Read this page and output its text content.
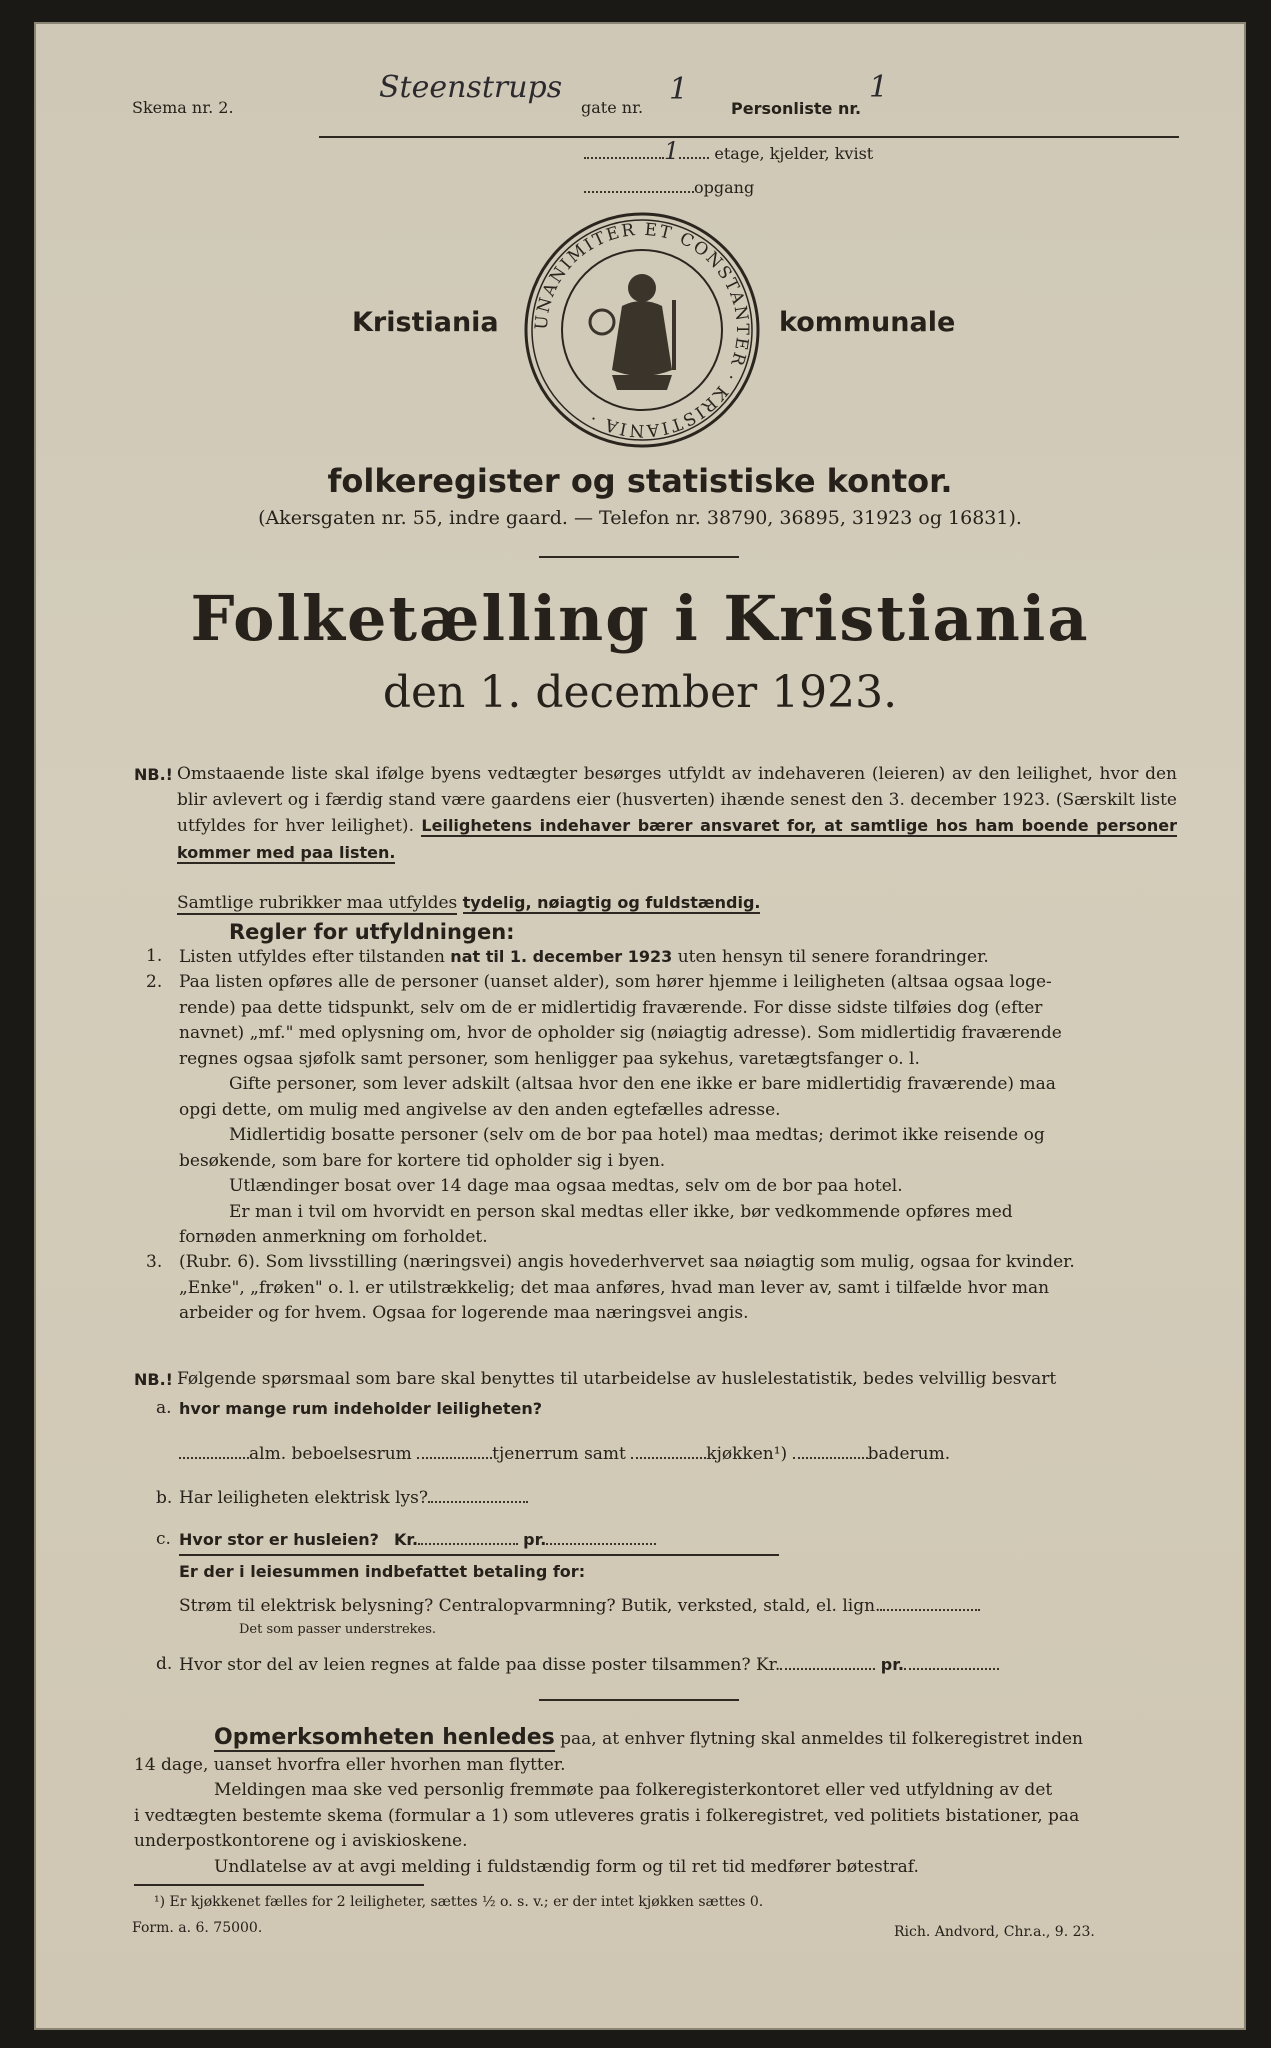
Skema nr. 2.
Steenstrups
gate nr.
1
Personliste nr.
1
1 etage, kjelder, kvist
opgang
Kristiania	kommunale
UNANIMITER ET CONSTANTER · KRISTIANIA ·
folkeregister og statistiske kontor.
(Akersgaten nr. 55, indre gaard. — Telefon nr. 38790, 36895, 31923 og 16831).
Folketælling i Kristiania
den 1. december 1923.
NB.! Omstaaende liste skal ifølge byens vedtægter besørges utfyldt av indehaveren (leieren) av den leilighet, hvor den blir avlevert og i færdig stand være gaardens eier (husverten) ihænde senest den 3. december 1923. (Særskilt liste utfyldes for hver leilighet). Leilighetens indehaver bærer ansvaret for, at samtlige hos ham boende personer kommer med paa listen.
Samtlige rubrikker maa utfyldes tydelig, nøiagtig og fuldstændig.
Regler for utfyldningen:
1. Listen utfyldes efter tilstanden nat til 1. december 1923 uten hensyn til senere forandringer.
2. Paa listen opføres alle de personer (uanset alder), som hører hjemme i leiligheten (altsaa ogsaa loge-
rende) paa dette tidspunkt, selv om de er midlertidig fraværende. For disse sidste tilføies dog (efter
navnet) „mf." med oplysning om, hvor de opholder sig (nøiagtig adresse). Som midlertidig fraværende
regnes ogsaa sjøfolk samt personer, som henligger paa sykehus, varetægtsfanger o. l.
Gifte personer, som lever adskilt (altsaa hvor den ene ikke er bare midlertidig fraværende) maa
opgi dette, om mulig med angivelse av den anden egtefælles adresse.
Midlertidig bosatte personer (selv om de bor paa hotel) maa medtas; derimot ikke reisende og
besøkende, som bare for kortere tid opholder sig i byen.
Utlændinger bosat over 14 dage maa ogsaa medtas, selv om de bor paa hotel.
Er man i tvil om hvorvidt en person skal medtas eller ikke, bør vedkommende opføres med
fornøden anmerkning om forholdet.
3. (Rubr. 6). Som livsstilling (næringsvei) angis hovederhvervet saa nøiagtig som mulig, ogsaa for kvinder.
„Enke", „frøken" o. l. er utilstrækkelig; det maa anføres, hvad man lever av, samt i tilfælde hvor man
arbeider og for hvem. Ogsaa for logerende maa næringsvei angis.
NB.! Følgende spørsmaal som bare skal benyttes til utarbeidelse av huslelestatistik, bedes velvillig besvart
a. hvor mange rum indeholder leiligheten?
alm. beboelsesrum	tjenerrum samt	kjøkken¹)	baderum.
b. Har leiligheten elektrisk lys?
c. Hvor stor er husleien? Kr.	pr.
Er der i leiesummen indbefattet betaling for:
Strøm til elektrisk belysning? Centralopvarmning? Butik, verksted, stald, el. lign.
Det som passer understrekes.
d. Hvor stor del av leien regnes at falde paa disse poster tilsammen? Kr.	pr.
Opmerksomheten henledes paa, at enhver flytning skal anmeldes til folkeregistret inden
14 dage, uanset hvorfra eller hvorhen man flytter.
Meldingen maa ske ved personlig fremmøte paa folkeregisterkontoret eller ved utfyldning av det
i vedtægten bestemte skema (formular a 1) som utleveres gratis i folkeregistret, ved politiets bistationer, paa
underpostkontorene og i aviskioskene.
Undlatelse av at avgi melding i fuldstændig form og til ret tid medfører bøtestraf.
¹) Er kjøkkenet fælles for 2 leiligheter, sættes ½ o. s. v.; er der intet kjøkken sættes 0.
Form. a. 6. 75000.	Rich. Andvord, Chr.a., 9. 23.
